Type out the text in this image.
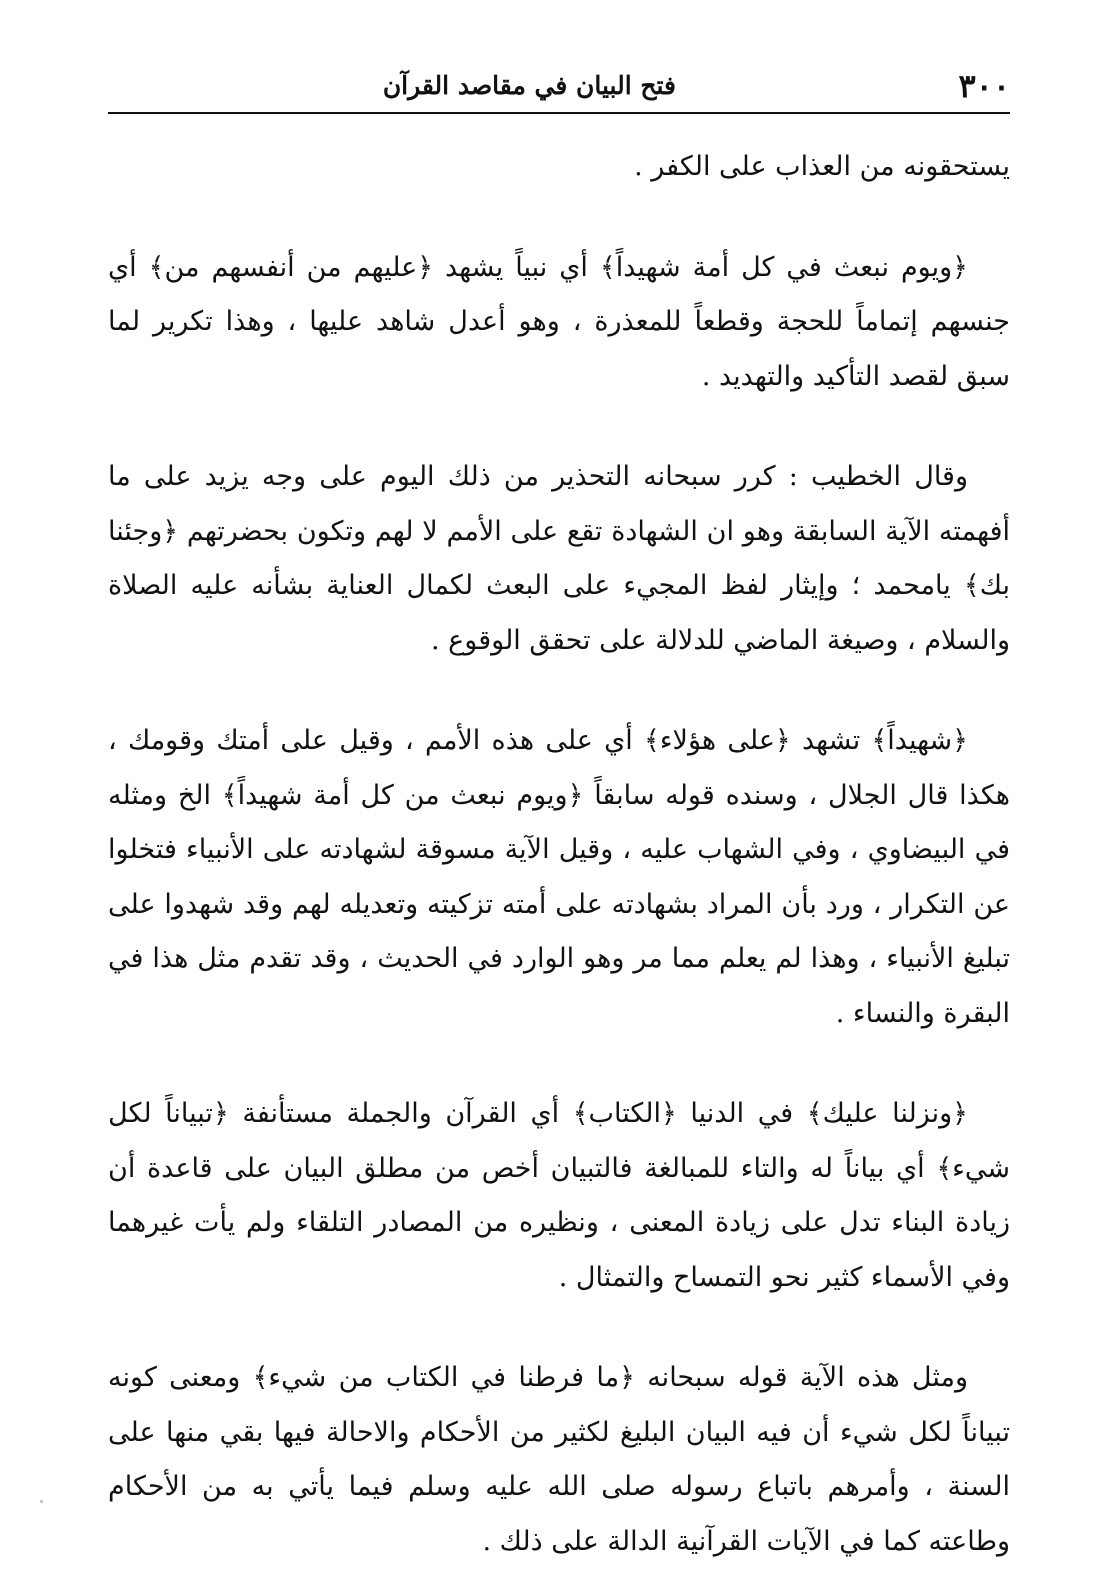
٣٠٠
فتح البيان في مقاصد القرآن

يستحقونه من العذاب على الكفر .

﴿ويوم نبعث في كل أمة شهيداً﴾ أي نبياً يشهد ﴿عليهم من أنفسهم من﴾ أي جنسهم إتماماً للحجة وقطعاً للمعذرة ، وهو أعدل شاهد عليها ، وهذا تكرير لما سبق لقصد التأكيد والتهديد .

وقال الخطيب : كرر سبحانه التحذير من ذلك اليوم على وجه يزيد على ما أفهمته الآية السابقة وهو ان الشهادة تقع على الأمم لا لهم وتكون بحضرتهم ﴿وجئنا بك﴾ يامحمد ؛ وإيثار لفظ المجيء على البعث لكمال العناية بشأنه عليه الصلاة والسلام ، وصيغة الماضي للدلالة على تحقق الوقوع .

﴿شهيداً﴾ تشهد ﴿على هؤلاء﴾ أي على هذه الأمم ، وقيل على أمتك وقومك ، هكذا قال الجلال ، وسنده قوله سابقاً ﴿ويوم نبعث من كل أمة شهيداً﴾ الخ ومثله في البيضاوي ، وفي الشهاب عليه ، وقيل الآية مسوقة لشهادته على الأنبياء فتخلوا عن التكرار ، ورد بأن المراد بشهادته على أمته تزكيته وتعديله لهم وقد شهدوا على تبليغ الأنبياء ، وهذا لم يعلم مما مر وهو الوارد في الحديث ، وقد تقدم مثل هذا في البقرة والنساء .

﴿ونزلنا عليك﴾ في الدنيا ﴿الكتاب﴾ أي القرآن والجملة مستأنفة ﴿تبياناً لكل شيء﴾ أي بياناً له والتاء للمبالغة فالتبيان أخص من مطلق البيان على قاعدة أن زيادة البناء تدل على زيادة المعنى ، ونظيره من المصادر التلقاء ولم يأت غيرهما وفي الأسماء كثير نحو التمساح والتمثال .

ومثل هذه الآية قوله سبحانه ﴿ما فرطنا في الكتاب من شيء﴾ ومعنى كونه تبياناً لكل شيء أن فيه البيان البليغ لكثير من الأحكام والاحالة فيها بقي منها على السنة ، وأمرهم باتباع رسوله صلى الله عليه وسلم فيما يأتي به من الأحكام وطاعته كما في الآيات القرآنية الدالة على ذلك .
